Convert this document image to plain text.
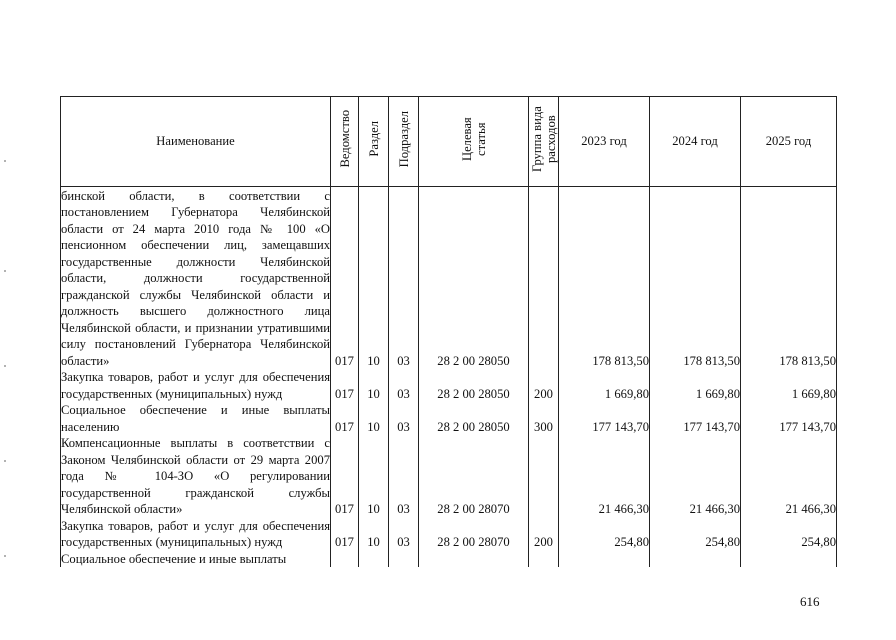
Наименование	Ведомство	Раздел	Подраздел	Целевая статья	Группа вида расходов	2023 год	2024 год	2025 год
бинской области, в соответствии с постановлением Губернатора Челябинской области от 24 марта 2010 года № 100 «О пенсионном обеспечении лиц, замещавших государственные должности Челябинской области, должности государственной гражданской службы Челябинской области и должность высшего должностного лица Челябинской области, и признании утратившими силу постановлений Губернатора Челябинской области»	017	10	03	28 2 00 28050		178 813,50	178 813,50	178 813,50
Закупка товаров, работ и услуг для обеспечения государственных (муниципальных) нужд	017	10	03	28 2 00 28050	200	1 669,80	1 669,80	1 669,80
Социальное обеспечение и иные выплаты населению	017	10	03	28 2 00 28050	300	177 143,70	177 143,70	177 143,70
Компенсационные выплаты в соответствии с Законом Челябинской области от 29 марта 2007 года № 104-ЗО «О регулировании государственной гражданской службы Челябинской области»	017	10	03	28 2 00 28070		21 466,30	21 466,30	21 466,30
Закупка товаров, работ и услуг для обеспечения государственных (муниципальных) нужд	017	10	03	28 2 00 28070	200	254,80	254,80	254,80
Социальное обеспечение и иные выплаты								
616
